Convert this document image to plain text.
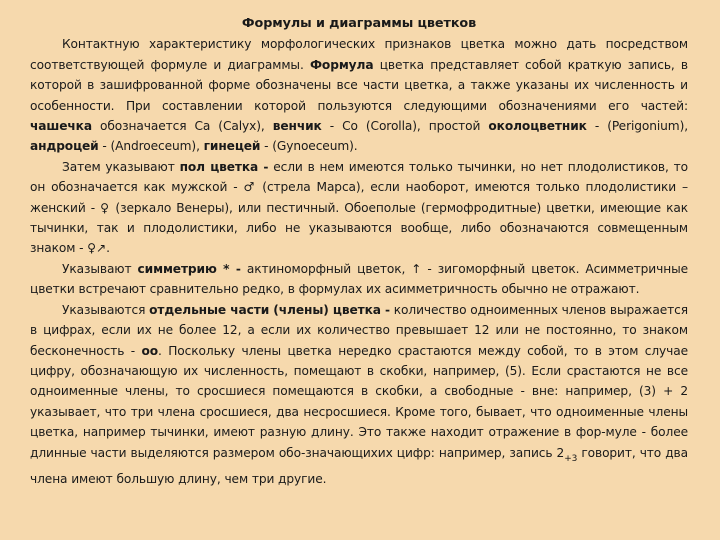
Формулы и диаграммы цветков

Контактную характеристику морфологических признаков цветка можно дать посредством соответствующей формуле и диаграммы. Формула цветка представляет собой краткую запись, в которой в зашифрованной форме обозначены все части цветка, а также указаны их численность и особенности. При составлении которой пользуются следующими обозначениями его частей: чашечка обозначается Са (Calyx), венчик - Со (Corolla), простой околоцветник - (Perigonium), андроцей - (Androeceum), гинецей - (Gynoeceum).

Затем указывают пол цветка - если в нем имеются только тычинки, но нет плодолистиков, то он обозначается как мужской - ♂ (стрела Марса), если наоборот, имеются только плодолистики – женский - ♀ (зеркало Венеры), или пестичный. Обоеполые (гермофродитные) цветки, имеющие как тычинки, так и плодолистики, либо не указываются вообще, либо обозначаются совмещенным знаком - ♀↗.

Указывают симметрию * - актиноморфный цветок, ↑ - зигоморфный цветок. Асимметричные цветки встречают сравнительно редко, в формулах их асимметричность обычно не отражают.

Указываются отдельные части (члены) цветка - количество одноименных членов выражается в цифрах, если их не более 12, а если их количество превышает 12 или не постоянно, то знаком бесконечность - оо. Поскольку члены цветка нередко срастаются между собой, то в этом случае цифру, обозначающую их численность, помещают в скобки, например, (5). Если срастаются не все одноименные члены, то сросшиеся помещаются в скобки, а свободные - вне: например, (3) + 2 указывает, что три члена сросшиеся, два несросшиеся. Кроме того, бывает, что одноименные члены цветка, например тычинки, имеют разную длину. Это также находит отражение в фор-муле - более длинные части выделяются размером обо-значающихих цифр: например, запись $2_{+3}$ говорит, что два члена имеют большую длину, чем три другие.
